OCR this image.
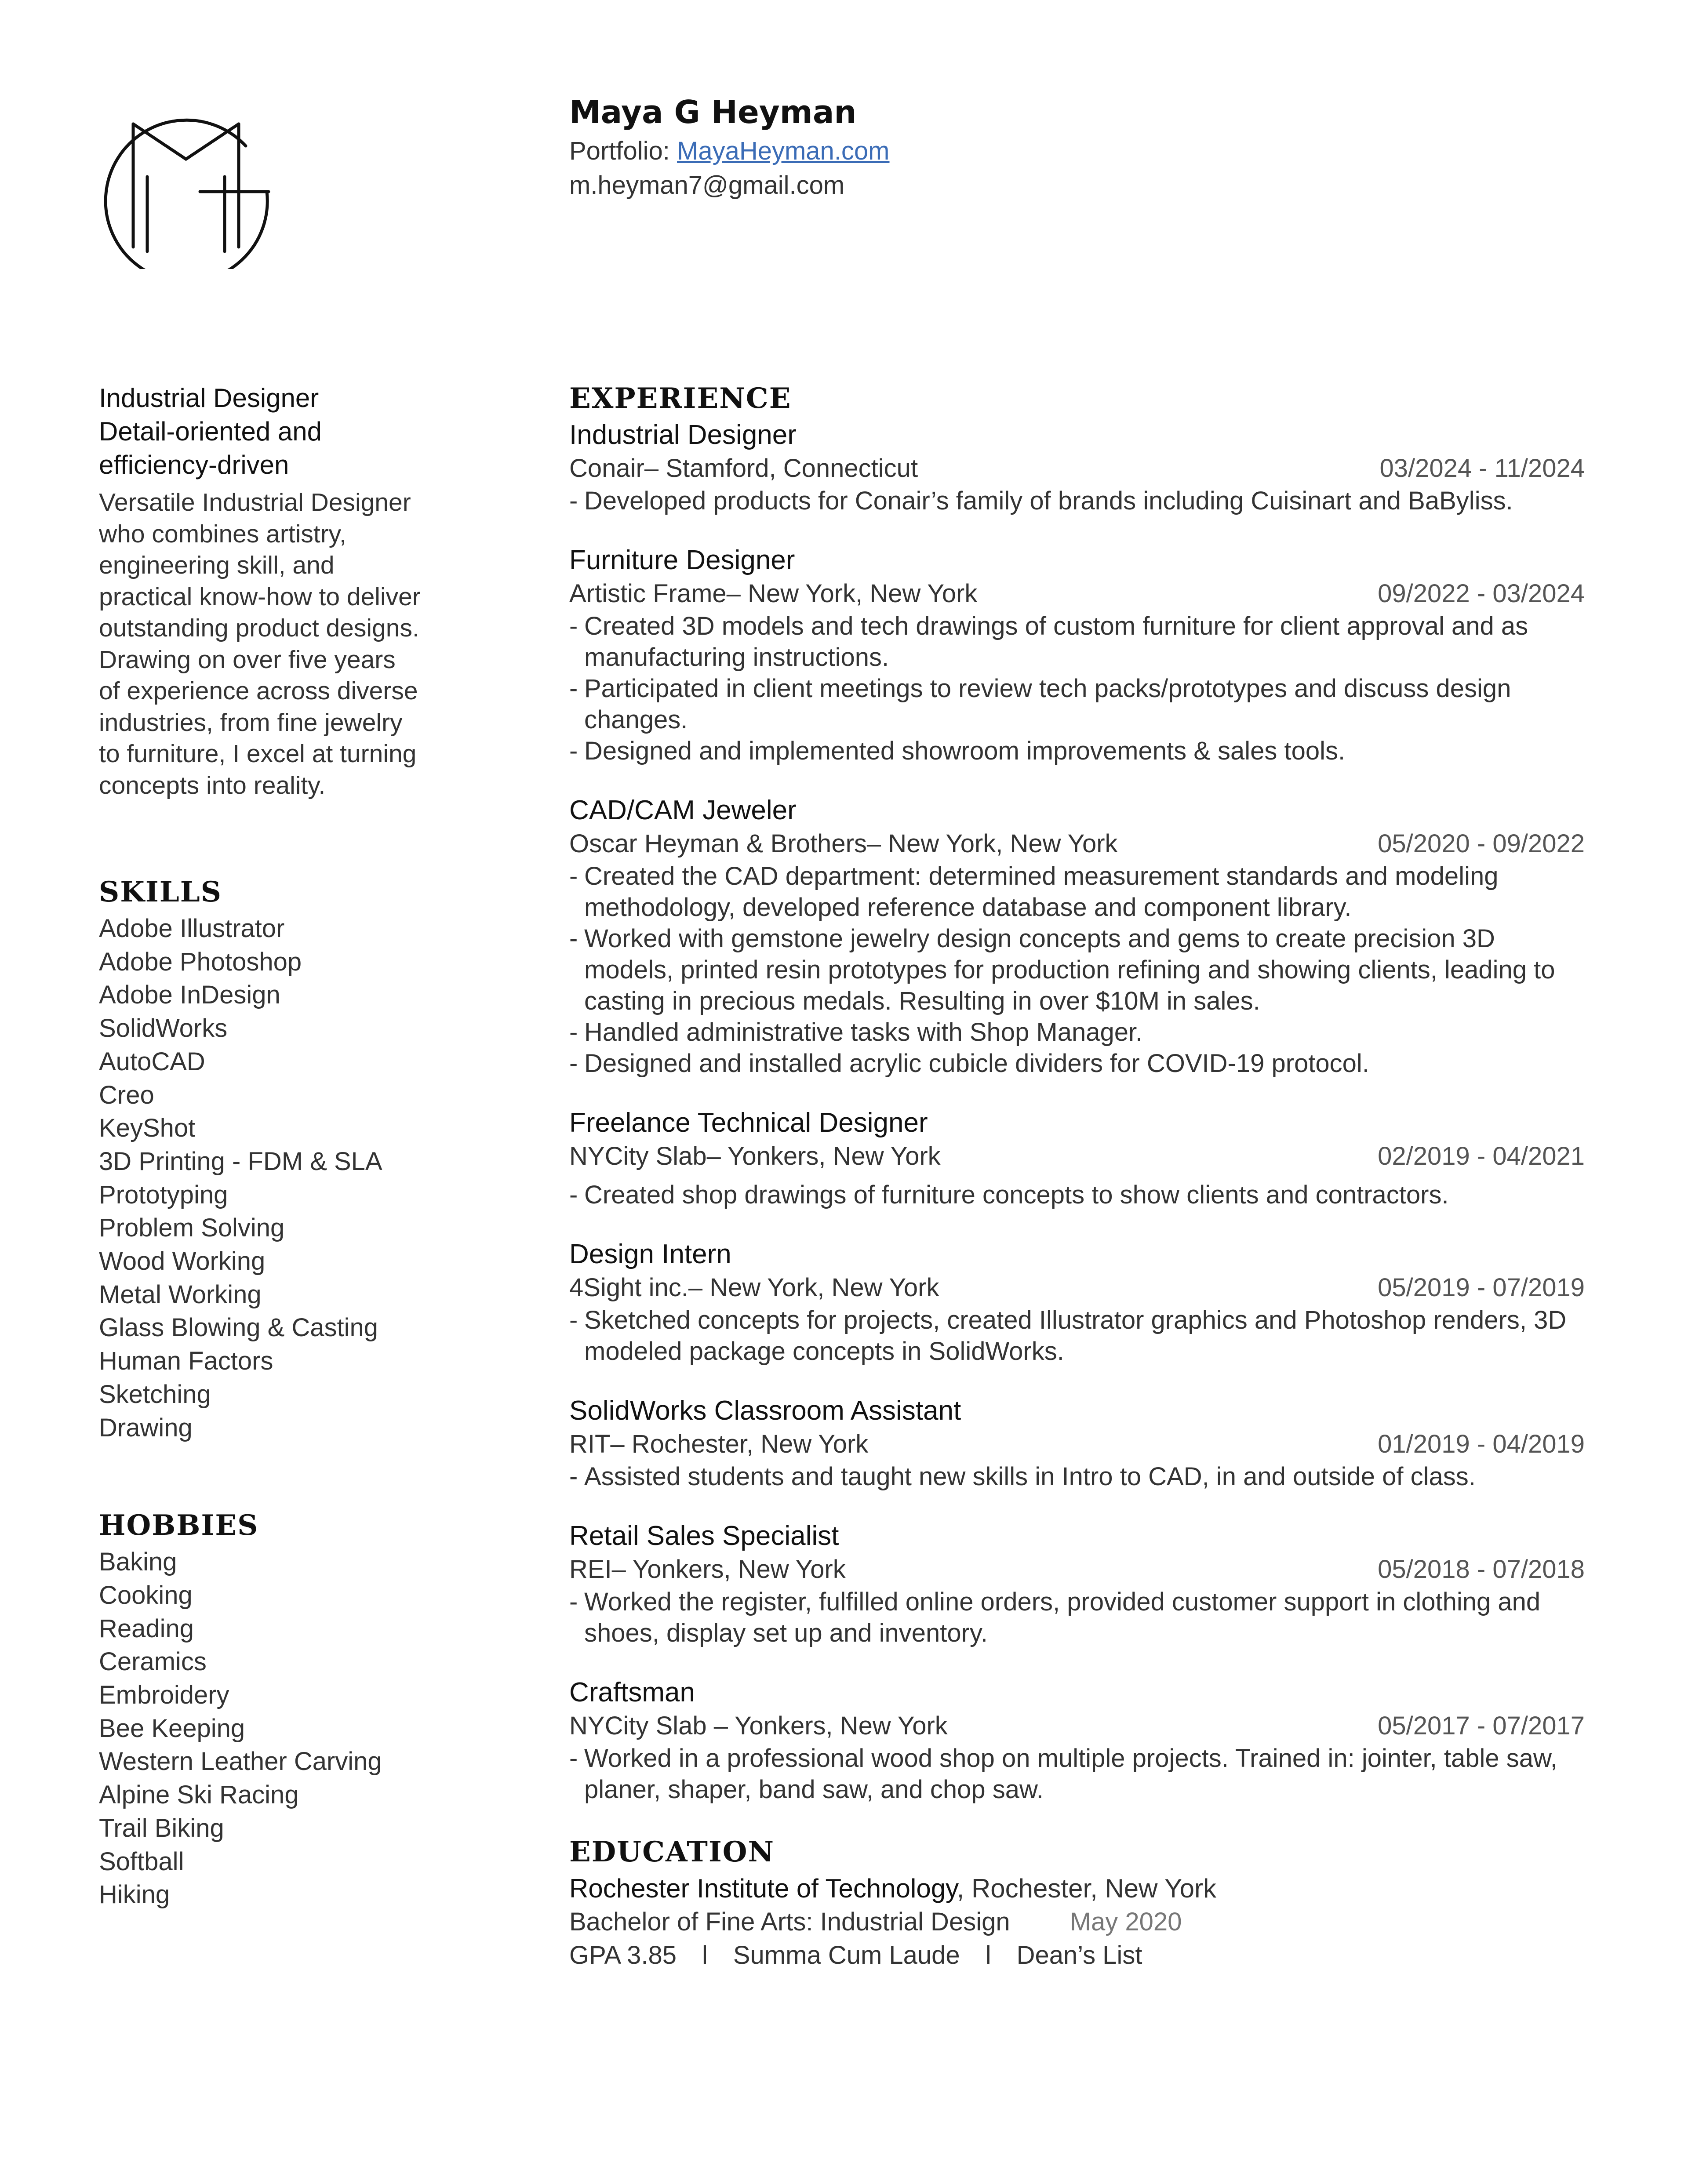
Maya G Heyman
Portfolio: MayaHeyman.com
m.heyman7@gmail.com
Industrial Designer
Detail-oriented and
efficiency-driven
Versatile Industrial Designer
who combines artistry,
engineering skill, and
practical know-how to deliver
outstanding product designs.
Drawing on over five years
of experience across diverse
industries, from fine jewelry
to furniture, I excel at turning
concepts into reality.
SKILLS
Adobe Illustrator
Adobe Photoshop
Adobe InDesign
SolidWorks
AutoCAD
Creo
KeyShot
3D Printing - FDM & SLA
Prototyping
Problem Solving
Wood Working
Metal Working
Glass Blowing & Casting
Human Factors
Sketching
Drawing
HOBBIES
Baking
Cooking
Reading
Ceramics
Embroidery
Bee Keeping
Western Leather Carving
Alpine Ski Racing
Trail Biking
Softball
Hiking
EXPERIENCE
Industrial Designer
Conair– Stamford, Connecticut	03/2024 - 11/2024
- Developed products for Conair’s family of brands including Cuisinart and BaByliss.
Furniture Designer
Artistic Frame– New York, New York	09/2022 - 03/2024
- Created 3D models and tech drawings of custom furniture for client approval and as manufacturing instructions.
- Participated in client meetings to review tech packs/prototypes and discuss design changes.
- Designed and implemented showroom improvements & sales tools.
CAD/CAM Jeweler
Oscar Heyman & Brothers– New York, New York	05/2020 - 09/2022
- Created the CAD department: determined measurement standards and modeling methodology, developed reference database and component library.
- Worked with gemstone jewelry design concepts and gems to create precision 3D models, printed resin prototypes for production refining and showing clients, leading to casting in precious medals. Resulting in over $10M in sales.
- Handled administrative tasks with Shop Manager.
- Designed and installed acrylic cubicle dividers for COVID-19 protocol.
Freelance Technical Designer
NYCity Slab– Yonkers, New York	02/2019 - 04/2021
- Created shop drawings of furniture concepts to show clients and contractors.
Design Intern
4Sight inc.– New York, New York	05/2019 - 07/2019
- Sketched concepts for projects, created Illustrator graphics and Photoshop renders, 3D modeled package concepts in SolidWorks.
SolidWorks Classroom Assistant
RIT– Rochester, New York	01/2019 - 04/2019
- Assisted students and taught new skills in Intro to CAD, in and outside of class.
Retail Sales Specialist
REI– Yonkers, New York	05/2018 - 07/2018
- Worked the register, fulfilled online orders, provided customer support in clothing and shoes, display set up and inventory.
Craftsman
NYCity Slab – Yonkers, New York	05/2017 - 07/2017
- Worked in a professional wood shop on multiple projects. Trained in: jointer, table saw, planer, shaper, band saw, and chop saw.
EDUCATION
Rochester Institute of Technology, Rochester, New York
Bachelor of Fine Arts: Industrial Design May 2020
GPA 3.85 l Summa Cum Laude l Dean’s List
